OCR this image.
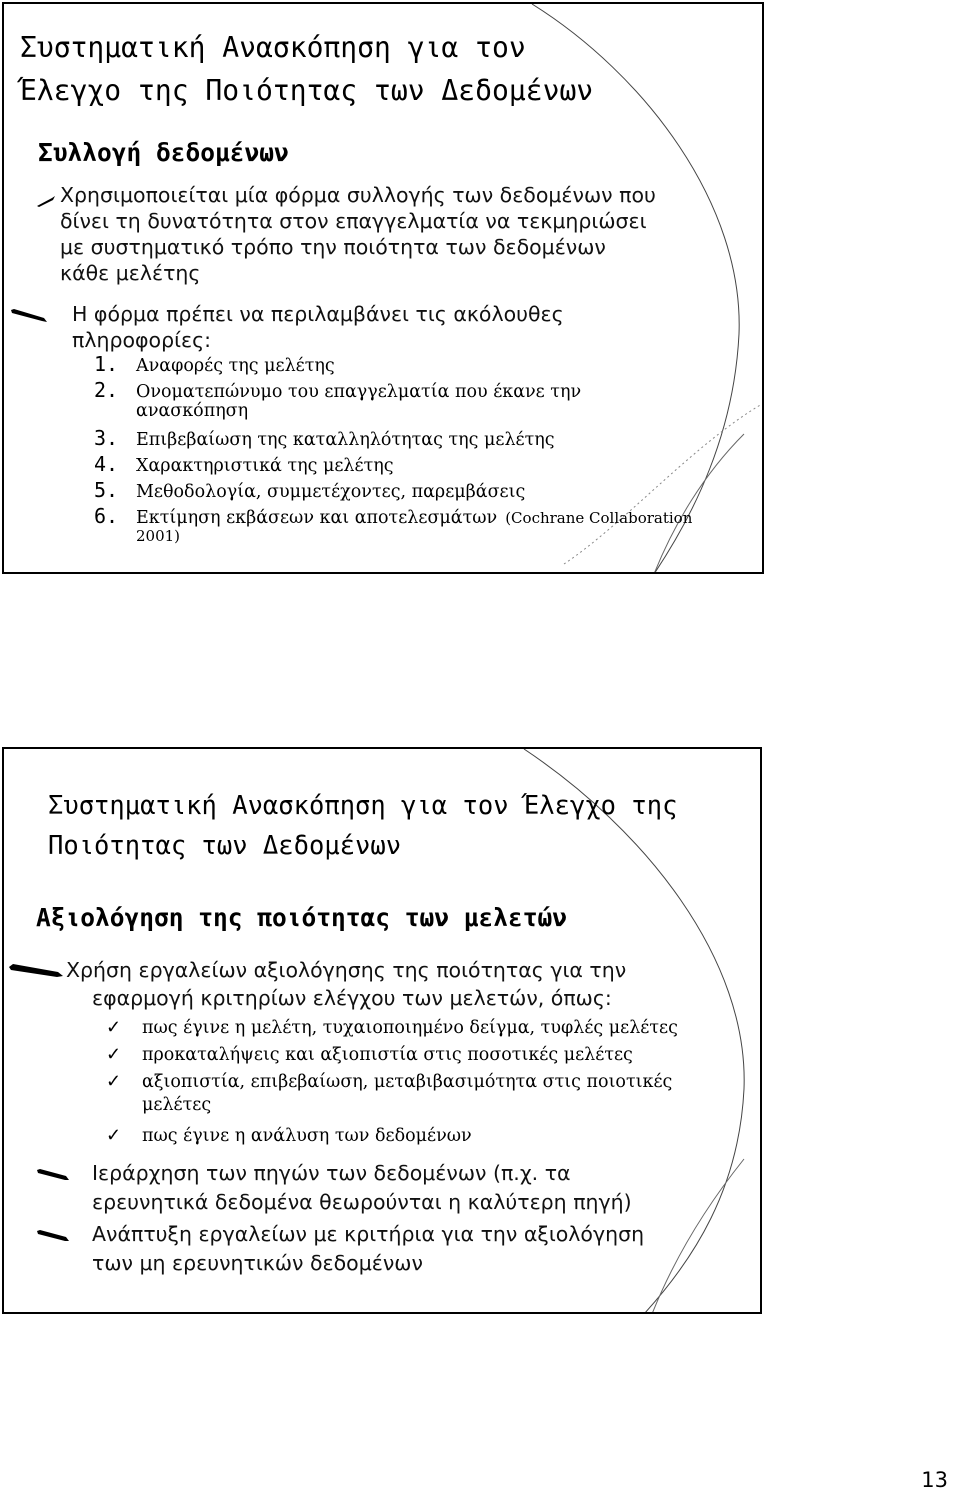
Συστηματική Ανασκόπηση για τον
Έλεγχο της Ποιότητας των Δεδομένων
Συλλογή δεδομένων
Χρησιμοποιείται μία φόρμα συλλογής των δεδομένων που
δίνει τη δυνατότητα στον επαγγελματία να τεκμηριώσει
με συστηματικό τρόπο την ποιότητα των δεδομένων
κάθε μελέτης
Η φόρμα πρέπει να περιλαμβάνει τις ακόλουθες
πληροφορίες:
1.	Αναφορές της μελέτης
2.	Ονοματεπώνυμο του επαγγελματία που έκανε την
ανασκόπηση
3.	Επιβεβαίωση της καταλληλότητας της μελέτης
4.	Χαρακτηριστικά της μελέτης
5.	Μεθοδολογία, συμμετέχοντες, παρεμβάσεις
6.	Εκτίμηση εκβάσεων και αποτελεσμάτων (Cochrane Collaboration
2001)
Συστηματική Ανασκόπηση για τον Έλεγχο της
Ποιότητας των Δεδομένων
Αξιολόγηση της ποιότητας των μελετών
Χρήση εργαλείων αξιολόγησης της ποιότητας για την
εφαρμογή κριτηρίων ελέγχου των μελετών, όπως:
✓	πως έγινε η μελέτη, τυχαιοποιημένο δείγμα, τυφλές μελέτες
✓	προκαταλήψεις και αξιοπιστία στις ποσοτικές μελέτες
✓	αξιοπιστία, επιβεβαίωση, μεταβιβασιμότητα στις ποιοτικές
μελέτες
✓	πως έγινε η ανάλυση των δεδομένων
Ιεράρχηση των πηγών των δεδομένων (π.χ. τα
ερευνητικά δεδομένα θεωρούνται η καλύτερη πηγή)
Ανάπτυξη εργαλείων με κριτήρια για την αξιολόγηση
των μη ερευνητικών δεδομένων
13
